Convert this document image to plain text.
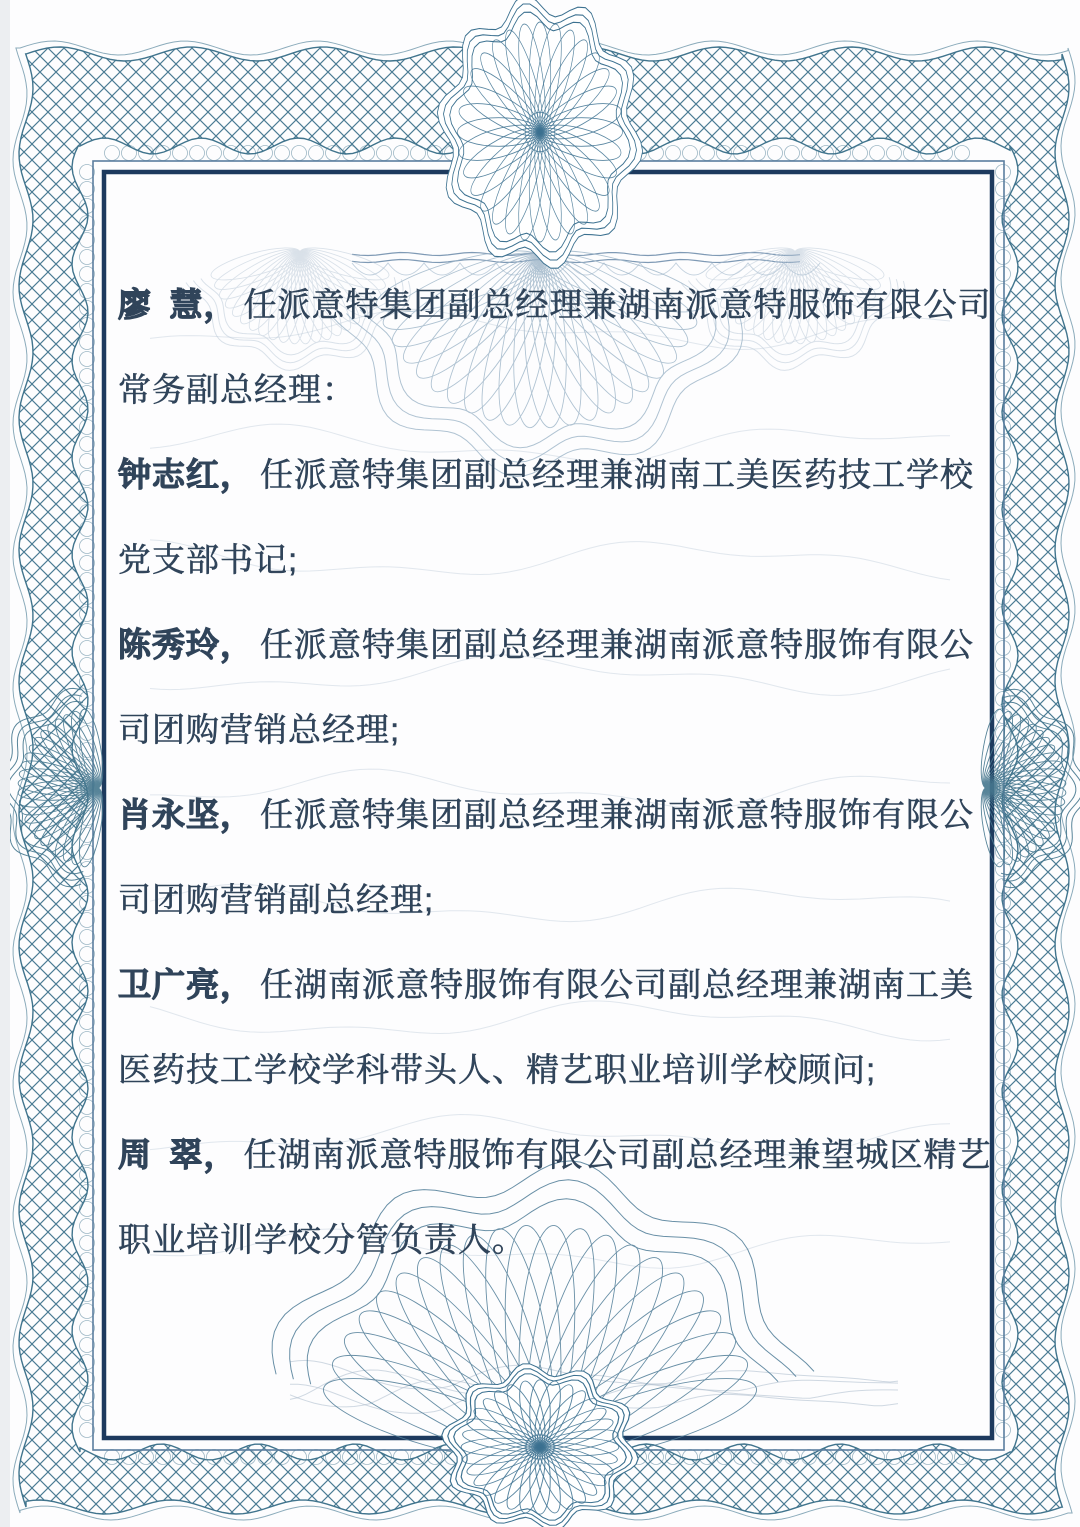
廖 慧， 任派意特集团副总经理兼湖南派意特服饰有限公司
常务副总经理：
钟志红， 任派意特集团副总经理兼湖南工美医药技工学校
党支部书记;
陈秀玲， 任派意特集团副总经理兼湖南派意特服饰有限公
司团购营销总经理;
肖永坚， 任派意特集团副总经理兼湖南派意特服饰有限公
司团购营销副总经理;
卫广亮， 任湖南派意特服饰有限公司副总经理兼湖南工美
医药技工学校学科带头人、精艺职业培训学校顾问;
周 翠， 任湖南派意特服饰有限公司副总经理兼望城区精艺
职业培训学校分管负责人。
